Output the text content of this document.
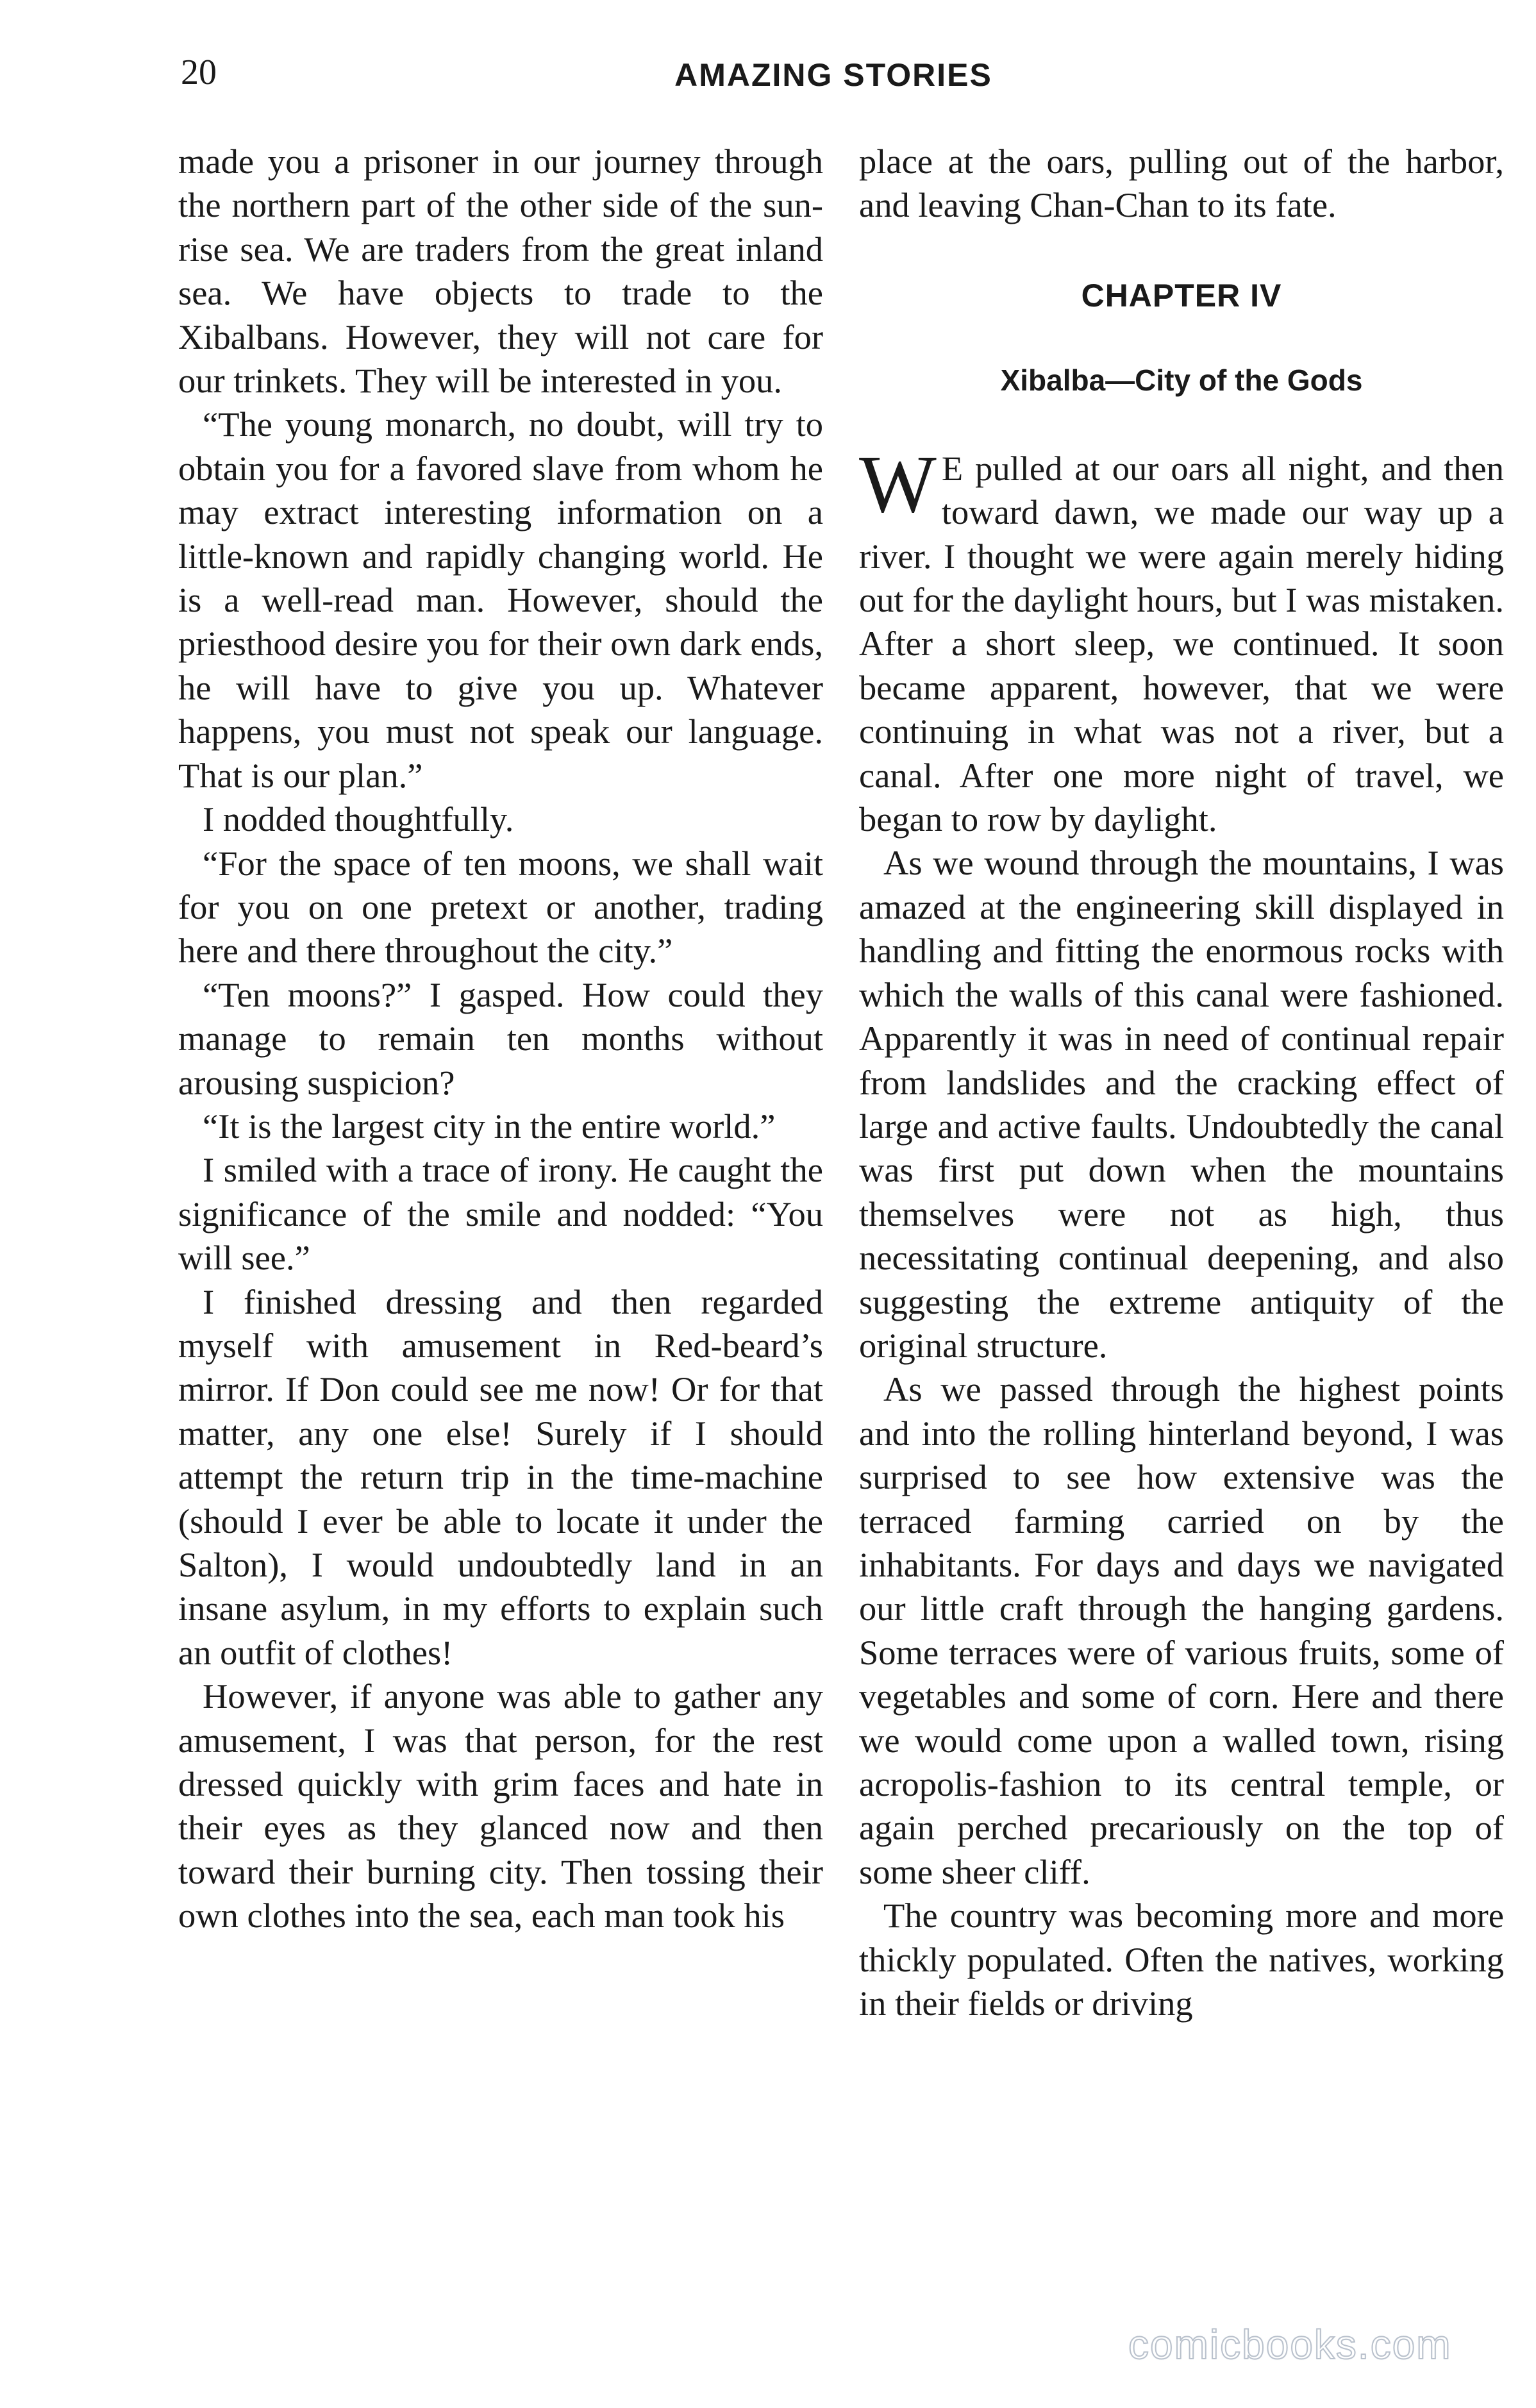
20	AMAZING STORIES

made you a prisoner in our journey through the northern part of the other side of the sun-rise sea. We are traders from the great inland sea. We have objects to trade to the Xibalbans. However, they will not care for our trinkets. They will be interested in you.

“The young monarch, no doubt, will try to obtain you for a favored slave from whom he may extract interesting information on a little-known and rapidly changing world. He is a well-read man. However, should the priesthood desire you for their own dark ends, he will have to give you up. Whatever happens, you must not speak our language. That is our plan.”

I nodded thoughtfully.

“For the space of ten moons, we shall wait for you on one pretext or another, trading here and there throughout the city.”

“Ten moons?” I gasped. How could they manage to remain ten months without arousing suspicion?

“It is the largest city in the entire world.”

I smiled with a trace of irony. He caught the significance of the smile and nodded: “You will see.”

I finished dressing and then regarded myself with amusement in Red-beard’s mirror. If Don could see me now! Or for that matter, any one else! Surely if I should attempt the return trip in the time-machine (should I ever be able to locate it under the Salton), I would undoubtedly land in an insane asylum, in my efforts to explain such an outfit of clothes!

However, if anyone was able to gather any amusement, I was that person, for the rest dressed quickly with grim faces and hate in their eyes as they glanced now and then toward their burning city. Then tossing their own clothes into the sea, each man took his

place at the oars, pulling out of the harbor, and leaving Chan-Chan to its fate.

CHAPTER IV
Xibalba—City of the Gods

W E pulled at our oars all night, and then toward dawn, we made our way up a river. I thought we were again merely hiding out for the daylight hours, but I was mistaken. After a short sleep, we continued. It soon became apparent, however, that we were continuing in what was not a river, but a canal. After one more night of travel, we began to row by daylight.

As we wound through the mountains, I was amazed at the engineering skill displayed in handling and fitting the enormous rocks with which the walls of this canal were fashioned. Apparently it was in need of continual repair from landslides and the cracking effect of large and active faults. Undoubtedly the canal was first put down when the mountains themselves were not as high, thus necessitating continual deepening, and also suggesting the extreme antiquity of the original structure.

As we passed through the highest points and into the rolling hinterland beyond, I was surprised to see how extensive was the terraced farming carried on by the inhabitants. For days and days we navigated our little craft through the hanging gardens. Some terraces were of various fruits, some of vegetables and some of corn. Here and there we would come upon a walled town, rising acropolis-fashion to its central temple, or again perched precariously on the top of some sheer cliff.

The country was becoming more and more thickly populated. Often the natives, working in their fields or driving

comicbooks.com
